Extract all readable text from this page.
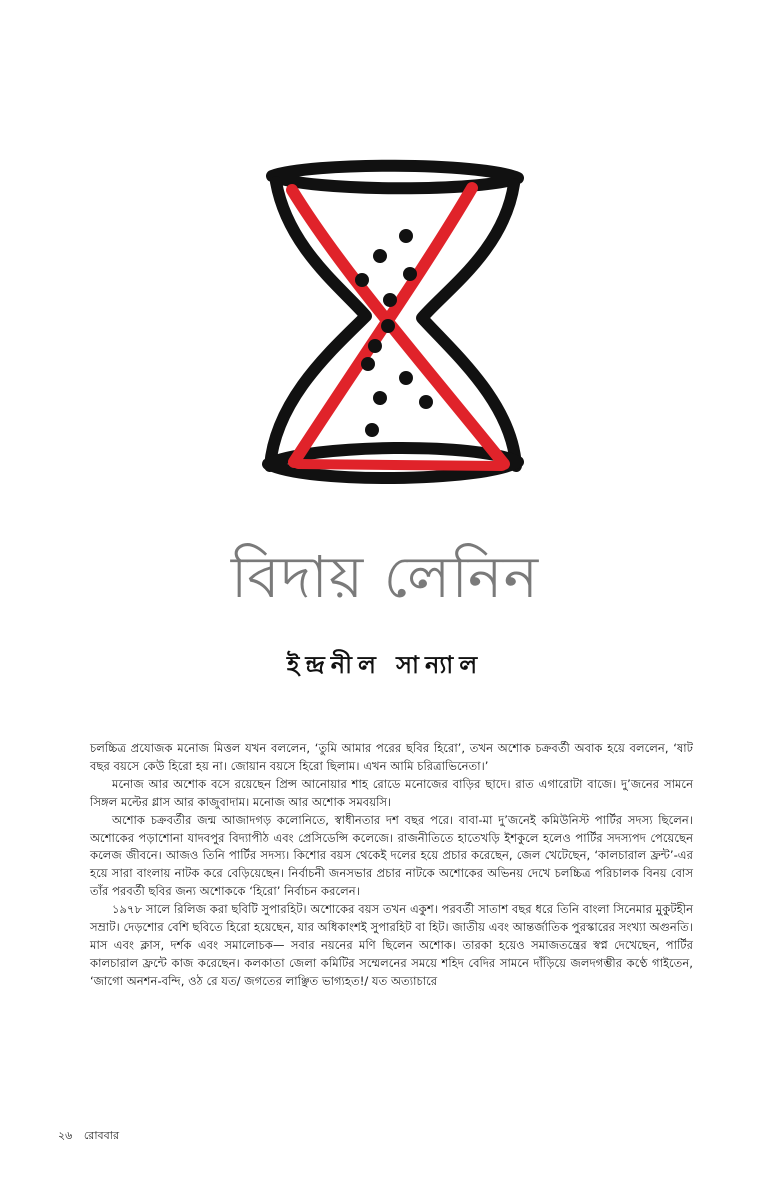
বিদায় লেনিন
ইন্দ্রনীল সান্যাল

চলচ্চিত্র প্রযোজক মনোজ মিত্তল যখন বললেন, ‘তুমি আমার পরের ছবির হিরো’, তখন অশোক চক্রবর্তী অবাক হয়ে বললেন, ‘ষাট বছর বয়সে কেউ হিরো হয় না। জোয়ান বয়সে হিরো ছিলাম। এখন আমি চরিত্রাভিনেতা।’

মনোজ আর অশোক বসে রয়েছেন প্রিন্স আনোয়ার শাহ রোডে মনোজের বাড়ির ছাদে। রাত এগারোটা বাজে। দু’জনের সামনে সিঙ্গল মল্টের গ্লাস আর কাজুবাদাম। মনোজ আর অশোক সমবয়সি।

অশোক চক্রবর্তীর জন্ম আজাদগড় কলোনিতে, স্বাধীনতার দশ বছর পরে। বাবা-মা দু’জনেই কমিউনিস্ট পার্টির সদস্য ছিলেন। অশোকের পড়াশোনা যাদবপুর বিদ্যাপীঠ এবং প্রেসিডেন্সি কলেজে। রাজনীতিতে হাতেখড়ি ইশকুলে হলেও পার্টির সদস্যপদ পেয়েছেন কলেজ জীবনে। আজও তিনি পার্টির সদস্য। কিশোর বয়স থেকেই দলের হয়ে প্রচার করেছেন, জেল খেটেছেন, ‘কালচারাল ফ্রন্ট’-এর হয়ে সারা বাংলায় নাটক করে বেড়িয়েছেন। নির্বাচনী জনসভার প্রচার নাটকে অশোকের অভিনয় দেখে চলচ্চিত্র পরিচালক বিনয় বোস তাঁর পরবর্তী ছবির জন্য অশোককে ‘হিরো’ নির্বাচন করলেন।

১৯৭৮ সালে রিলিজ করা ছবিটি সুপারহিট। অশোকের বয়স তখন একুশ। পরবর্তী সাতাশ বছর ধরে তিনি বাংলা সিনেমার মুকুটহীন সম্রাট। দেড়শোর বেশি ছবিতে হিরো হয়েছেন, যার অধিকাংশই সুপারহিট বা হিট। জাতীয় এবং আন্তর্জাতিক পুরস্কারের সংখ্যা অগুনতি। মাস এবং ক্লাস, দর্শক এবং সমালোচক— সবার নয়নের মণি ছিলেন অশোক। তারকা হয়েও সমাজতন্ত্রের স্বপ্ন দেখেছেন, পার্টির কালচারাল ফ্রন্টে কাজ করেছেন। কলকাতা জেলা কমিটির সম্মেলনের সময়ে শহিদ বেদির সামনে দাঁড়িয়ে জলদগম্ভীর কণ্ঠে গাইতেন, ‘জাগো অনশন-বন্দি, ওঠ রে যত/ জগতের লাঞ্ছিত ভাগ্যহত!/ যত অত্যাচারে

২৬ রোববার
